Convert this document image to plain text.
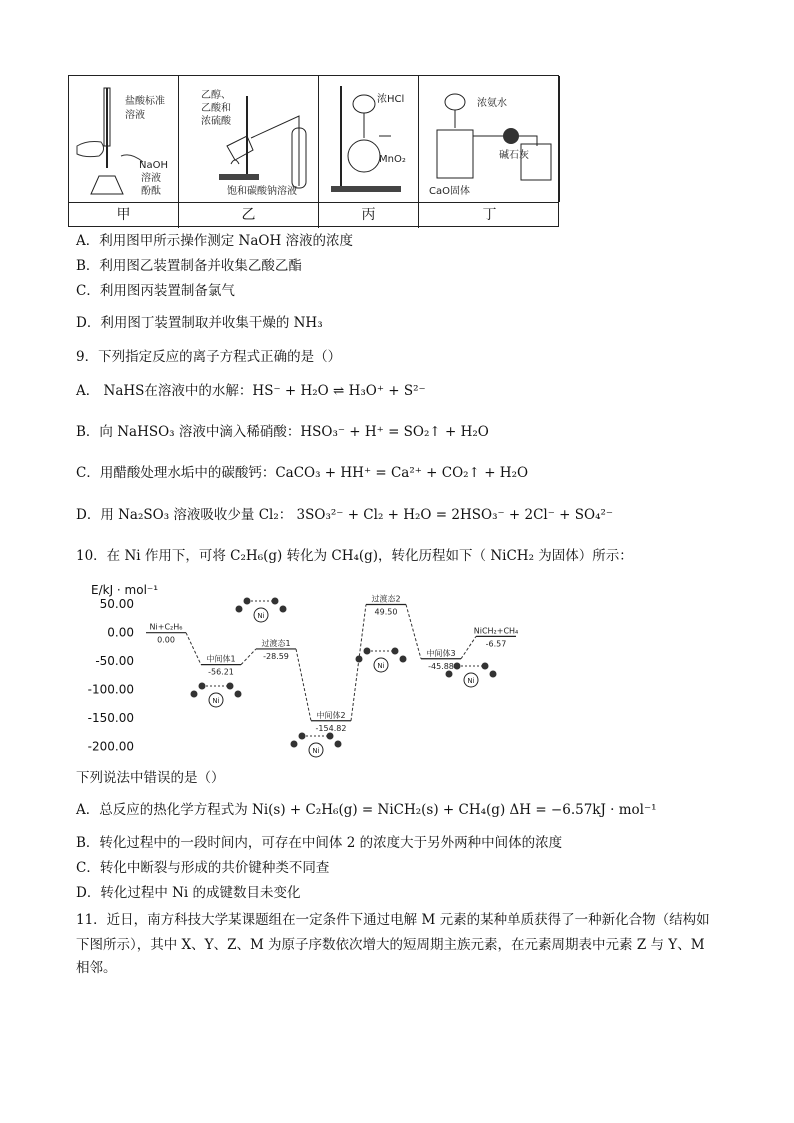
盐酸标准
溶液
NaOH
溶液
酚酞
乙醇、
乙酸和
浓硫酸
饱和碳酸钠溶液
浓HCl
MnO₂
浓氨水
碱石灰
CaO固体
甲	乙	丙	丁
A．利用图甲所示操作测定 NaOH 溶液的浓度
B．利用图乙装置制备并收集乙酸乙酯
C．利用图丙装置制备氯气
D．利用图丁装置制取并收集干燥的 NH₃
9．下列指定反应的离子方程式正确的是（）
A． NaHS在溶液中的水解：HS⁻ + H₂O ⇌ H₃O⁺ + S²⁻
B．向 NaHSO₃ 溶液中滴入稀硝酸：HSO₃⁻ + H⁺ = SO₂↑ + H₂O
C．用醋酸处理水垢中的碳酸钙：CaCO₃ + HH⁺ = Ca²⁺ + CO₂↑ + H₂O
D．用 Na₂SO₃ 溶液吸收少量 Cl₂： 3SO₃²⁻ + Cl₂ + H₂O = 2HSO₃⁻ + 2Cl⁻ + SO₄²⁻
10．在 Ni 作用下，可将 C₂H₆(g) 转化为 CH₄(g)，转化历程如下（ NiCH₂ 为固体）所示：
E/kJ · mol⁻¹
50.00
0.00
-50.00
-100.00
-150.00
-200.00
Ni+C₂H₆
0.00
中间体1
-56.21
过渡态1
-28.59
中间体2
-154.82
过渡态2
49.50
中间体3
-45.88
NiCH₂+CH₄
-6.57
Ni
Ni
Ni
Ni
Ni
下列说法中错误的是（）
A．总反应的热化学方程式为 Ni(s) + C₂H₆(g) = NiCH₂(s) + CH₄(g) ΔH = −6.57kJ · mol⁻¹
B．转化过程中的一段时间内，可存在中间体 2 的浓度大于另外两种中间体的浓度
C．转化中断裂与形成的共价键种类不同查
D．转化过程中 Ni 的成键数目未变化
11．近日，南方科技大学某课题组在一定条件下通过电解 M 元素的某种单质获得了一种新化合物（结构如
下图所示），其中 X、Y、Z、M 为原子序数依次增大的短周期主族元素，在元素周期表中元素 Z 与 Y、M
相邻。
